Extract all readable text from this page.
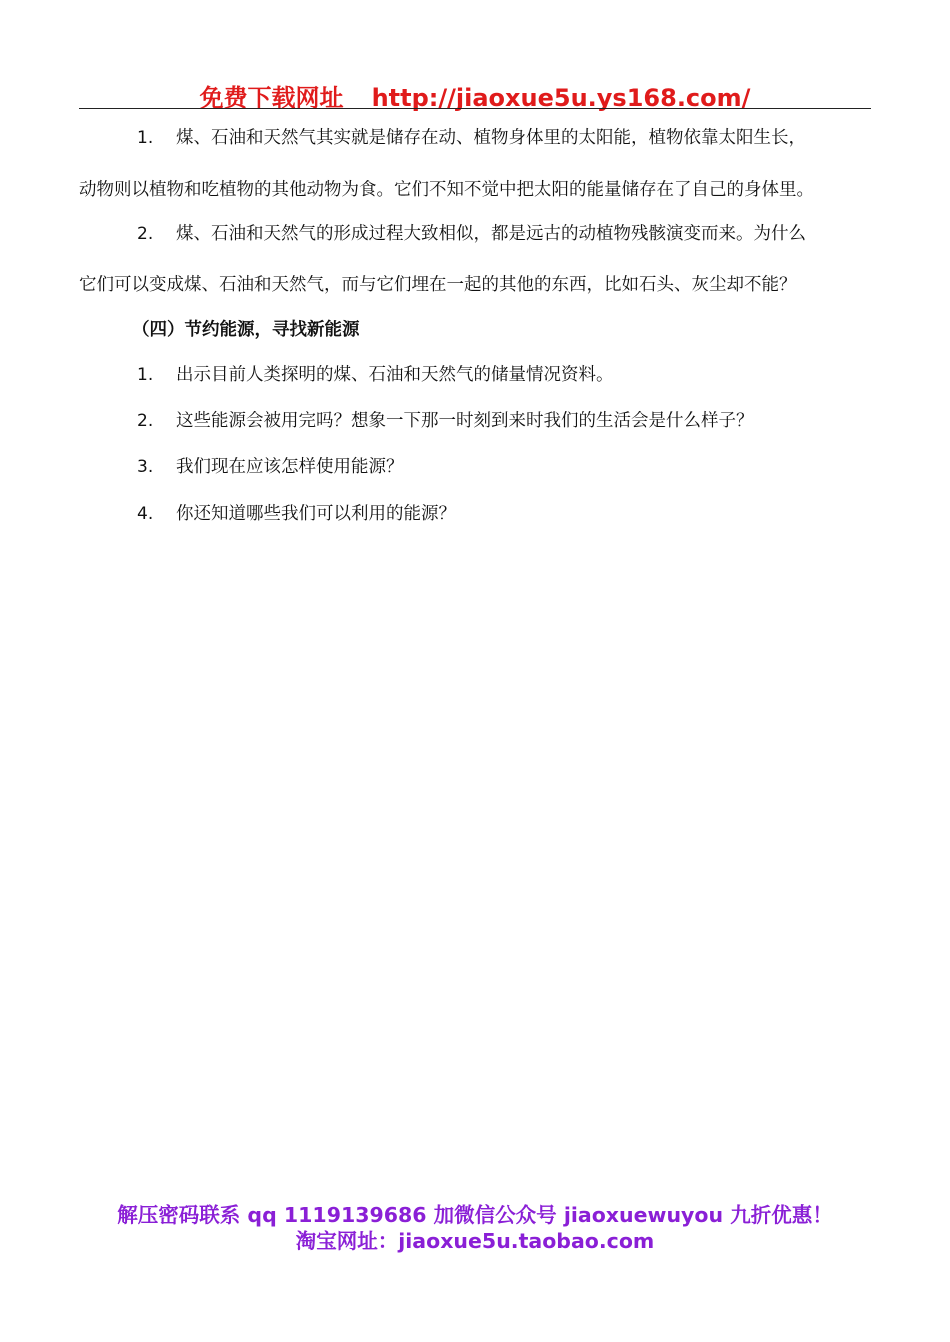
免费下载网址 http://jiaoxue5u.ys168.com/
1. 煤、石油和天然气其实就是储存在动、植物身体里的太阳能，植物依靠太阳生长，
动物则以植物和吃植物的其他动物为食。它们不知不觉中把太阳的能量储存在了自己的身体里。
2. 煤、石油和天然气的形成过程大致相似，都是远古的动植物残骸演变而来。为什么
它们可以变成煤、石油和天然气，而与它们埋在一起的其他的东西，比如石头、灰尘却不能？
（四）节约能源，寻找新能源
1. 出示目前人类探明的煤、石油和天然气的储量情况资料。
2. 这些能源会被用完吗？想象一下那一时刻到来时我们的生活会是什么样子？
3. 我们现在应该怎样使用能源？
4. 你还知道哪些我们可以利用的能源？
解压密码联系 qq 1119139686 加微信公众号 jiaoxuewuyou 九折优惠！
淘宝网址：jiaoxue5u.taobao.com
